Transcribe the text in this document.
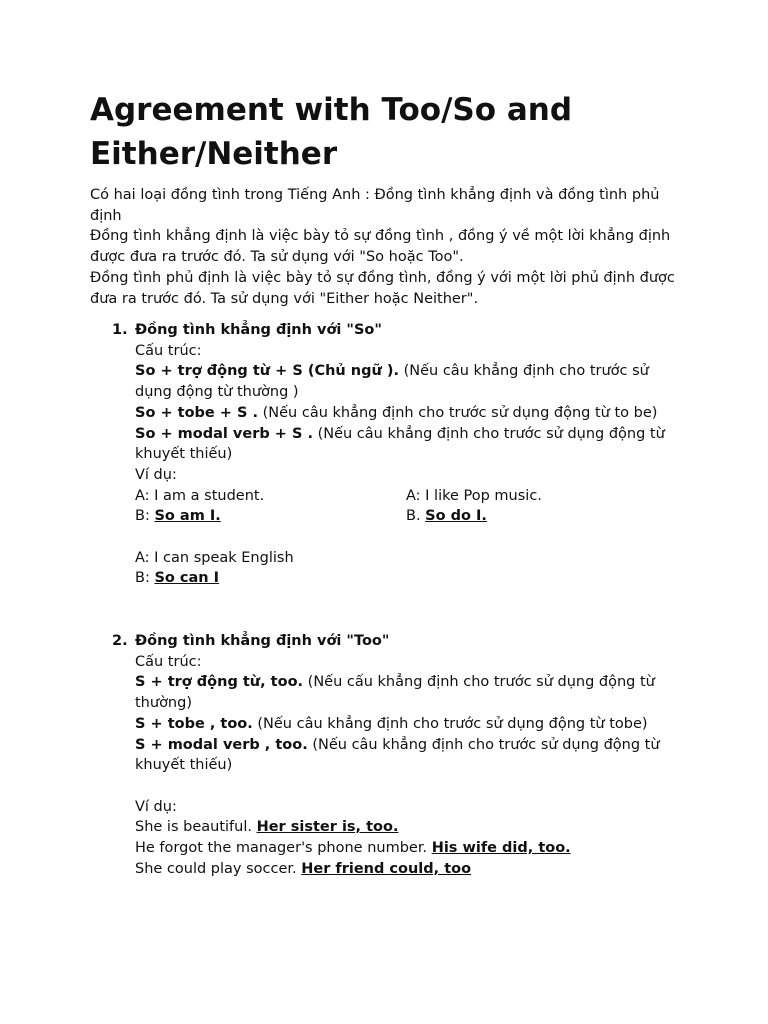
Agreement with Too/So and Either/Neither

Có hai loại đồng tình trong Tiếng Anh : Đồng tình khẳng định và đồng tình phủ định

Đồng tình khẳng định là việc bày tỏ sự đồng tình , đồng ý về một lời khẳng định được đưa ra trước đó. Ta sử dụng với "So hoặc Too".

Đồng tình phủ định là việc bày tỏ sự đồng tình, đồng ý với một lời phủ định được đưa ra trước đó. Ta sử dụng với "Either hoặc Neither".

1. Đồng tình khẳng định với "So"

Cấu trúc:

So + trợ động từ + S (Chủ ngữ ). (Nếu câu khẳng định cho trước sử dụng động từ thường )

So + tobe + S . (Nếu câu khẳng định cho trước sử dụng động từ to be)

So + modal verb + S . (Nếu câu khẳng định cho trước sử dụng động từ khuyết thiếu)

Ví dụ:

A: I am a student.

B: So am I.

A: I like Pop music.

B. So do I.

A: I can speak English

B: So can I

2. Đồng tình khẳng định với "Too"

Cấu trúc:

S + trợ động từ, too. (Nếu cấu khẳng định cho trước sử dụng động từ thường)

S + tobe , too. (Nếu câu khẳng định cho trước sử dụng động từ tobe)

S + modal verb , too. (Nếu câu khẳng định cho trước sử dụng động từ khuyết thiếu)

Ví dụ:

She is beautiful. Her sister is, too.

He forgot the manager's phone number. His wife did, too.

She could play soccer. Her friend could, too
